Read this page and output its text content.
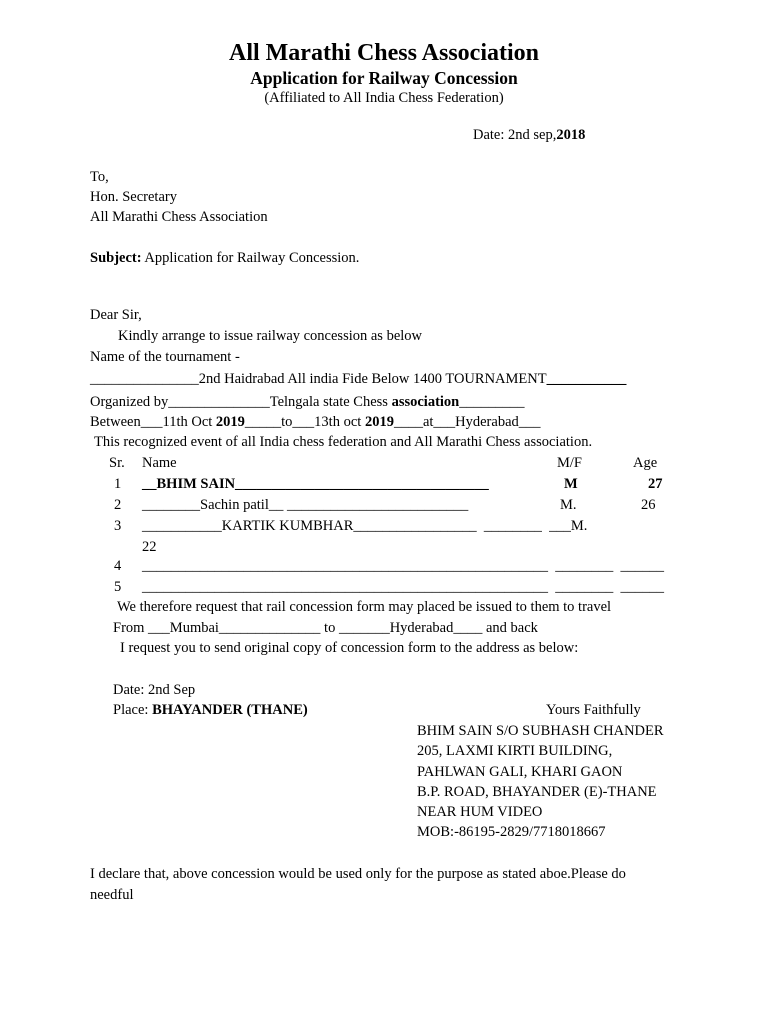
All Marathi Chess Association
Application for Railway Concession
(Affiliated to All India Chess Federation)
Date: 2nd sep,2018
To,
Hon. Secretary
All Marathi Chess Association
Subject: Application for Railway Concession.
Dear Sir,
Kindly arrange to issue railway concession as below
Name of the tournament -
_______________2nd Haidrabad All india Fide Below 1400 TOURNAMENT___________
Organized by______________Telngala state Chess association_________
Between___11th Oct 2019_____to___13th oct 2019____at___Hyderabad___
This recognized event of all India chess federation and All Marathi Chess association.
Sr. Name	M/F	Age
1 __BHIM SAIN___________________________________	M	27
2 ________Sachin patil__ _________________________	M.	26
3 ___________KARTIK KUMBHAR_________________  ________  ___M.
22
4 ________________________________________________________  ________  ______
5 ________________________________________________________  ________  ______
We therefore request that rail concession form may placed be issued to them to travel
From ___Mumbai______________ to _______Hyderabad____ and back
I request you to send original copy of concession form to the address as below:
Date: 2nd Sep
Place: BHAYANDER (THANE)	Yours Faithfully
BHIM SAIN S/O SUBHASH CHANDER
205, LAXMI KIRTI BUILDING,
PAHLWAN GALI, KHARI GAON
B.P. ROAD, BHAYANDER (E)-THANE
NEAR HUM VIDEO
MOB:-86195-2829/7718018667
I declare that, above concession would be used only for the purpose as stated aboe.Please do
needful
